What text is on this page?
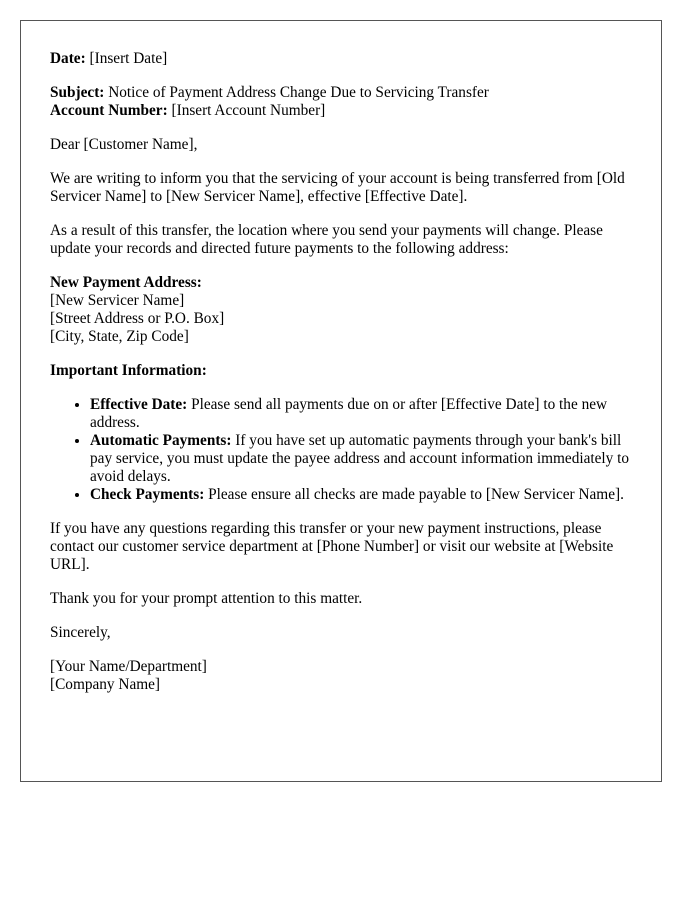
Date: [Insert Date]

Subject: Notice of Payment Address Change Due to Servicing Transfer

Account Number: [Insert Account Number]

Dear [Customer Name],

We are writing to inform you that the servicing of your account is being transferred from [Old Servicer Name] to [New Servicer Name], effective [Effective Date].

As a result of this transfer, the location where you send your payments will change. Please update your records and directed future payments to the following address:

New Payment Address:
[New Servicer Name]
[Street Address or P.O. Box]
[City, State, Zip Code]

Important Information:

• Effective Date: Please send all payments due on or after [Effective Date] to the new address.
• Automatic Payments: If you have set up automatic payments through your bank's bill pay service, you must update the payee address and account information immediately to avoid delays.
• Check Payments: Please ensure all checks are made payable to [New Servicer Name].

If you have any questions regarding this transfer or your new payment instructions, please contact our customer service department at [Phone Number] or visit our website at [Website URL].

Thank you for your prompt attention to this matter.

Sincerely,

[Your Name/Department]
[Company Name]
